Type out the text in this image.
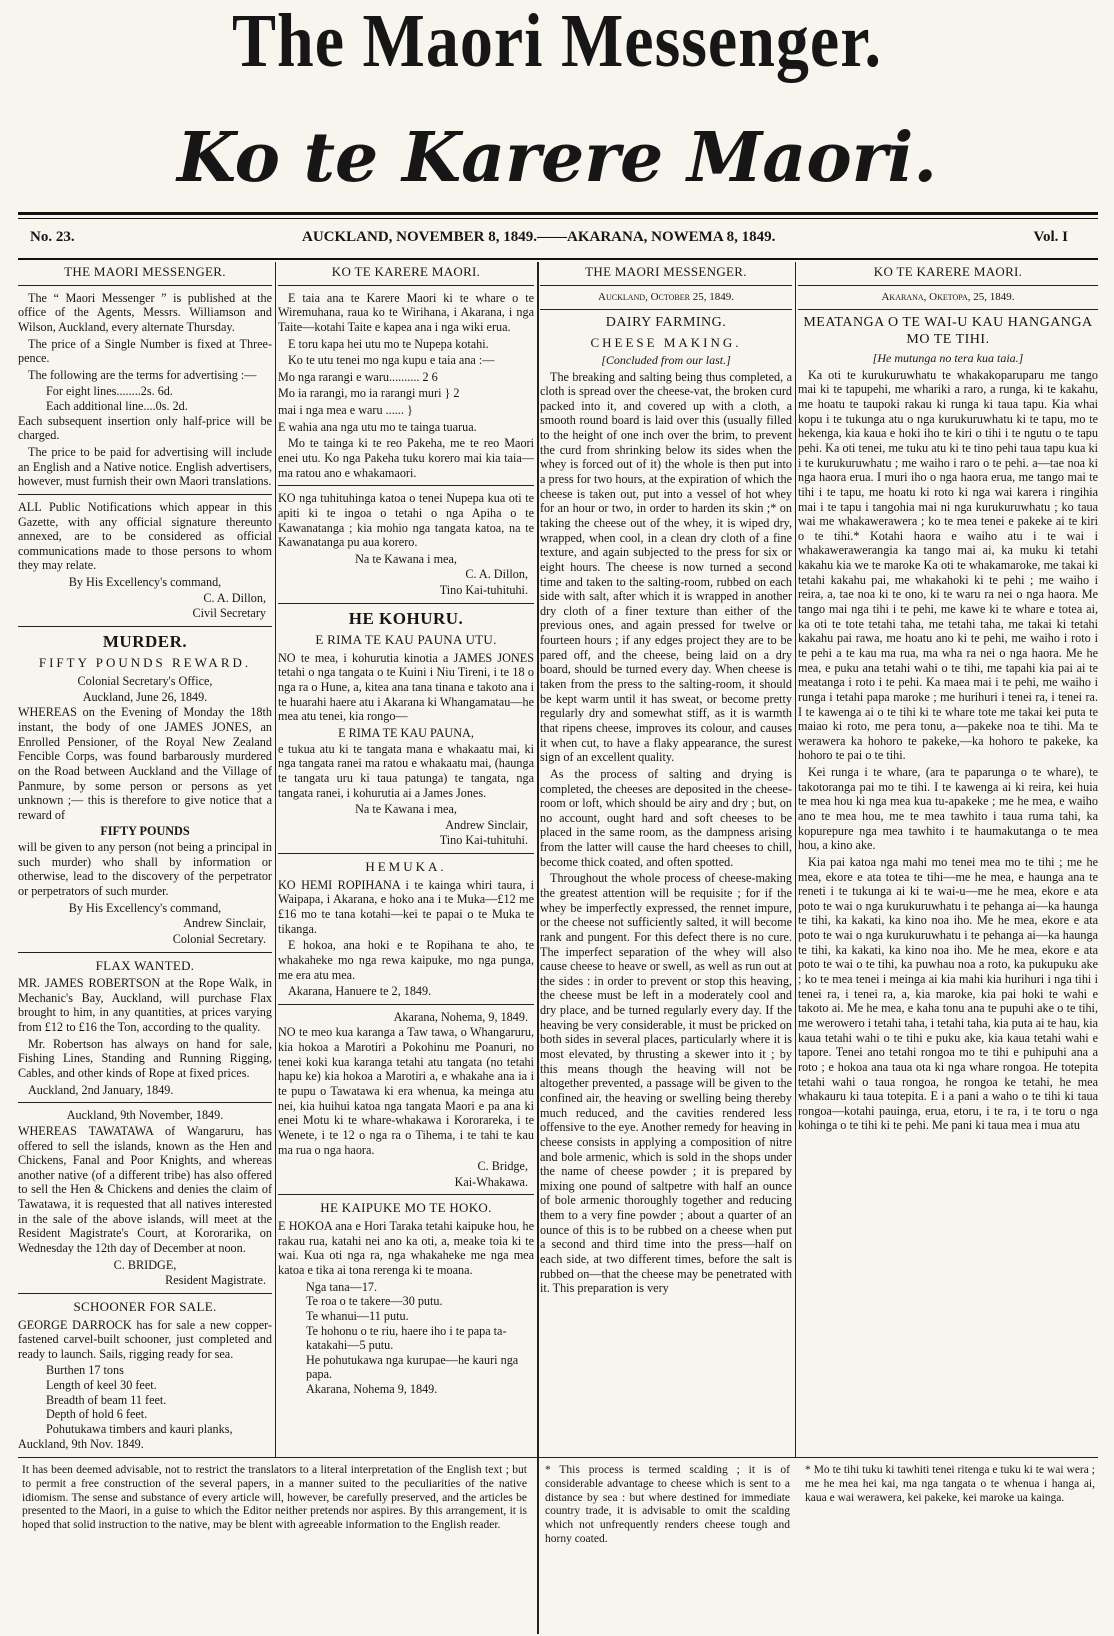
The Maori Messenger.
Ko te Karere Maori.
No. 23.	AUCKLAND, NOVEMBER 8, 1849.——AKARANA, NOWEMA 8, 1849.	Vol. I
THE MAORI MESSENGER.

The “ Maori Messenger ” is published at the office of the Agents, Messrs. Williamson and Wilson, Auckland, every alternate Thursday.

The price of a Single Number is fixed at Three-pence.

The following are the terms for advertising :—

For eight lines........2s. 6d.

Each additional line....0s. 2d.

Each subsequent insertion only half-price will be charged.

The price to be paid for advertising will include an English and a Native notice. English advertisers, however, must furnish their own Maori translations.

ALL Public Notifications which appear in this Gazette, with any official signature thereunto annexed, are to be considered as official communications made to those persons to whom they may relate.

By His Excellency's command,

C. A. Dillon,

Civil Secretary

MURDER.
FIFTY POUNDS REWARD.

Colonial Secretary's Office,

Auckland, June 26, 1849.

WHEREAS on the Evening of Monday the 18th instant, the body of one JAMES JONES, an Enrolled Pensioner, of the Royal New Zealand Fencible Corps, was found barbarously murdered on the Road between Auckland and the Village of Panmure, by some person or persons as yet unknown ;— this is therefore to give notice that a reward of

FIFTY POUNDS

will be given to any person (not being a principal in such murder) who shall by information or otherwise, lead to the discovery of the perpetrator or perpetrators of such murder.

By His Excellency's command,

Andrew Sinclair,

Colonial Secretary.

FLAX WANTED.

MR. JAMES ROBERTSON at the Rope Walk, in Mechanic's Bay, Auckland, will purchase Flax brought to him, in any quantities, at prices varying from £12 to £16 the Ton, according to the quality.

Mr. Robertson has always on hand for sale, Fishing Lines, Standing and Running Rigging, Cables, and other kinds of Rope at fixed prices.

Auckland, 2nd January, 1849.

Auckland, 9th November, 1849.

WHEREAS TAWATAWA of Wangaruru, has offered to sell the islands, known as the Hen and Chickens, Fanal and Poor Knights, and whereas another native (of a different tribe) has also offered to sell the Hen & Chickens and denies the claim of Tawatawa, it is requested that all natives interested in the sale of the above islands, will meet at the Resident Magistrate's Court, at Kororarika, on Wednesday the 12th day of December at noon.

C. BRIDGE,

Resident Magistrate.

SCHOONER FOR SALE.

GEORGE DARROCK has for sale a new copper-fastened carvel-built schooner, just completed and ready to launch. Sails, rigging ready for sea.

Burthen 17 tons

Length of keel 30 feet.

Breadth of beam 11 feet.

Depth of hold 6 feet.

Pohutukawa timbers and kauri planks,

Auckland, 9th Nov. 1849.

KO TE KARERE MAORI.

E taia ana te Karere Maori ki te whare o te Wiremuhana, raua ko te Wirihana, i Akarana, i nga Taite—kotahi Taite e kapea ana i nga wiki erua.

E toru kapa hei utu mo te Nupepa kotahi.

Ko te utu tenei mo nga kupu e taia ana :—

Mo nga rarangi e waru.......... 2 6

Mo ia rarangi, mo ia rarangi muri } 2

mai i nga mea e waru ...... }

E wahia ana nga utu mo te tainga tuarua.

Mo te tainga ki te reo Pakeha, me te reo Maori enei utu. Ko nga Pakeha tuku korero mai kia taia—ma ratou ano e whakamaori.

KO nga tuhituhinga katoa o tenei Nupepa kua oti te apiti ki te ingoa o tetahi o nga Apiha o te Kawanatanga ; kia mohio nga tangata katoa, na te Kawanatanga pu aua korero.

Na te Kawana i mea,

C. A. Dillon,

Tino Kai-tuhituhi.

HE KOHURU.
E RIMA TE KAU PAUNA UTU.

NO te mea, i kohurutia kinotia a JAMES JONES tetahi o nga tangata o te Kuini i Niu Tireni, i te 18 o nga ra o Hune, a, kitea ana tana tinana e takoto ana i te huarahi haere atu i Akarana ki Whangamatau—he mea atu tenei, kia rongo—

E RIMA TE KAU PAUNA,

e tukua atu ki te tangata mana e whakaatu mai, ki nga tangata ranei ma ratou e whakaatu mai, (haunga te tangata uru ki taua patunga) te tangata, nga tangata ranei, i kohurutia ai a James Jones.

Na te Kawana i mea,

Andrew Sinclair,

Tino Kai-tuhituhi.

HEMUKA.

KO HEMI ROPIHANA i te kainga whiri taura, i Waipapa, i Akarana, e hoko ana i te Muka—£12 me £16 mo te tana kotahi—kei te papai o te Muka te tikanga.

E hokoa, ana hoki e te Ropihana te aho, te whakaheke mo nga rewa kaipuke, mo nga punga, me era atu mea.

Akarana, Hanuere te 2, 1849.

Akarana, Nohema, 9, 1849.

NO te meo kua karanga a Taw tawa, o Whangaruru, kia hokoa a Marotiri a Pokohinu me Poanuri, no tenei koki kua karanga tetahi atu tangata (no tetahi hapu ke) kia hokoa a Marotiri a, e whakahe ana ia i te pupu o Tawatawa ki era whenua, ka meinga atu nei, kia huihui katoa nga tangata Maori e pa ana ki enei Motu ki te whare-whakawa i Kororareka, i te Wenete, i te 12 o nga ra o Tihema, i te tahi te kau ma rua o nga haora.

C. Bridge,

Kai-Whakawa.

HE KAIPUKE MO TE HOKO.

E HOKOA ana e Hori Taraka tetahi kaipuke hou, he rakau rua, katahi nei ano ka oti, a, meake toia ki te wai. Kua oti nga ra, nga whakaheke me nga mea katoa e tika ai tona rerenga ki te moana.

Nga tana—17.

Te roa o te takere—30 putu.

Te whanui—11 putu.

Te hohonu o te riu, haere iho i te papa ta-

katakahi—5 putu.

He pohutukawa nga kurupae—he kauri nga papa.

Akarana, Nohema 9, 1849.

THE MAORI MESSENGER.
Auckland, October 25, 1849.
DAIRY FARMING.
CHEESE MAKING.
[Concluded from our last.]

The breaking and salting being thus completed, a cloth is spread over the cheese-vat, the broken curd packed into it, and covered up with a cloth, a smooth round board is laid over this (usually filled to the height of one inch over the brim, to prevent the curd from shrinking below its sides when the whey is forced out of it) the whole is then put into a press for two hours, at the expiration of which the cheese is taken out, put into a vessel of hot whey for an hour or two, in order to harden its skin ;* on taking the cheese out of the whey, it is wiped dry, wrapped, when cool, in a clean dry cloth of a fine texture, and again subjected to the press for six or eight hours. The cheese is now turned a second time and taken to the salting-room, rubbed on each side with salt, after which it is wrapped in another dry cloth of a finer texture than either of the previous ones, and again pressed for twelve or fourteen hours ; if any edges project they are to be pared off, and the cheese, being laid on a dry board, should be turned every day. When cheese is taken from the press to the salting-room, it should be kept warm until it has sweat, or become pretty regularly dry and somewhat stiff, as it is warmth that ripens cheese, improves its colour, and causes it when cut, to have a flaky appearance, the surest sign of an excellent quality.

As the process of salting and drying is completed, the cheeses are deposited in the cheese-room or loft, which should be airy and dry ; but, on no account, ought hard and soft cheeses to be placed in the same room, as the dampness arising from the latter will cause the hard cheeses to chill, become thick coated, and often spotted.

Throughout the whole process of cheese-making the greatest attention will be requisite ; for if the whey be imperfectly expressed, the rennet impure, or the cheese not sufficiently salted, it will become rank and pungent. For this defect there is no cure. The imperfect separation of the whey will also cause cheese to heave or swell, as well as run out at the sides : in order to prevent or stop this heaving, the cheese must be left in a moderately cool and dry place, and be turned regularly every day. If the heaving be very considerable, it must be pricked on both sides in several places, particularly where it is most elevated, by thrusting a skewer into it ; by this means though the heaving will not be altogether prevented, a passage will be given to the confined air, the heaving or swelling being thereby much reduced, and the cavities rendered less offensive to the eye. Another remedy for heaving in cheese consists in applying a composition of nitre and bole armenic, which is sold in the shops under the name of cheese powder ; it is prepared by mixing one pound of saltpetre with half an ounce of bole armenic thoroughly together and reducing them to a very fine powder ; about a quarter of an ounce of this is to be rubbed on a cheese when put a second and third time into the press—half on each side, at two different times, before the salt is rubbed on—that the cheese may be penetrated with it. This preparation is very

KO TE KARERE MAORI.
Akarana, Oketopa, 25, 1849.
MEATANGA O TE WAI-U KAU HANGANGA MO TE TIHI.
[He mutunga no tera kua taia.]

Ka oti te kurukuruwhatu te whakakoparuparu me tango mai ki te tapupehi, me whariki a raro, a runga, ki te kakahu, me hoatu te taupoki rakau ki runga ki taua tapu. Kia whai kopu i te tukunga atu o nga kurukuruwhatu ki te tapu, mo te hekenga, kia kaua e hoki iho te kiri o tihi i te ngutu o te tapu pehi. Ka oti tenei, me tuku atu ki te tino pehi taua tapu kua ki i te kurukuruwhatu ; me waiho i raro o te pehi. a—tae noa ki nga haora erua. I muri iho o nga haora erua, me tango mai te tihi i te tapu, me hoatu ki roto ki nga wai karera i ringihia mai i te tapu i tangohia mai ni nga kurukuruwhatu ; ko taua wai me whakawerawera ; ko te mea tenei e pakeke ai te kiri o te tihi.* Kotahi haora e waiho atu i te wai i whakawerawerangia ka tango mai ai, ka muku ki tetahi kakahu kia we te maroke Ka oti te whakamaroke, me takai ki tetahi kakahu pai, me whakahoki ki te pehi ; me waiho i reira, a, tae noa ki te ono, ki te waru ra nei o nga haora. Me tango mai nga tihi i te pehi, me kawe ki te whare e totea ai, ka oti te tote tetahi taha, me tetahi taha, me takai ki tetahi kakahu pai rawa, me hoatu ano ki te pehi, me waiho i roto i te pehi a te kau ma rua, ma wha ra nei o nga haora. Me he mea, e puku ana tetahi wahi o te tihi, me tapahi kia pai ai te meatanga i roto i te pehi. Ka maea mai i te pehi, me waiho i runga i tetahi papa maroke ; me hurihuri i tenei ra, i tenei ra. I te kawenga ai o te tihi ki te whare tote me takai kei puta te maiao ki roto, me pera tonu, a—pakeke noa te tihi. Ma te werawera ka hohoro te pakeke,—ka hohoro te pakeke, ka hohoro te pai o te tihi.

Kei runga i te whare, (ara te paparunga o te whare), te takotoranga pai mo te tihi. I te kawenga ai ki reira, kei huia te mea hou ki nga mea kua tu-apakeke ; me he mea, e waiho ano te mea hou, me te mea tawhito i taua ruma tahi, ka kopurepure nga mea tawhito i te haumakutanga o te mea hou, a kino ake.

Kia pai katoa nga mahi mo tenei mea mo te tihi ; me he mea, ekore e ata totea te tihi—me he mea, e haunga ana te reneti i te tukunga ai ki te wai-u—me he mea, ekore e ata poto te wai o nga kurukuruwhatu i te pehanga ai—ka haunga te tihi, ka kakati, ka kino noa iho. Me he mea, ekore e ata poto te wai o nga kurukuruwhatu i te pehanga ai—ka haunga te tihi, ka kakati, ka kino noa iho. Me he mea, ekore e ata poto te wai o te tihi, ka puwhau noa a roto, ka pukupuku ake ; ko te mea tenei i meinga ai kia mahi kia hurihuri i nga tihi i tenei ra, i tenei ra, a, kia maroke, kia pai hoki te wahi e takoto ai. Me he mea, e kaha tonu ana te pupuhi ake o te tihi, me werowero i tetahi taha, i tetahi taha, kia puta ai te hau, kia kaua tetahi wahi o te tihi e puku ake, kia kaua tetahi wahi e tapore. Tenei ano tetahi rongoa mo te tihi e puhipuhi ana a roto ; e hokoa ana taua ota ki nga whare rongoa. He totepita tetahi wahi o taua rongoa, he rongoa ke tetahi, he mea whakauru ki taua totepita. E i a pani a waho o te tihi ki taua rongoa—kotahi pauinga, erua, etoru, i te ra, i te toru o nga kohinga o te tihi ki te pehi. Me pani ki taua mea i mua atu

It has been deemed advisable, not to restrict the translators to a literal interpretation of the English text ; but to permit a free construction of the several papers, in a manner suited to the peculiarities of the native idiomism. The sense and substance of every article will, however, be carefully preserved, and the articles be presented to the Maori, in a guise to which the Editor neither pretends nor aspires. By this arrangement, it is hoped that solid instruction to the native, may be blent with agreeable information to the English reader.
* This process is termed scalding ; it is of considerable advantage to cheese which is sent to a distance by sea : but where destined for immediate country trade, it is advisable to omit the scalding which not unfrequently renders cheese tough and horny coated.
* Mo te tihi tuku ki tawhiti tenei ritenga e tuku ki te wai wera ; me he mea hei kai, ma nga tangata o te whenua i hanga ai, kaua e wai werawera, kei pakeke, kei maroke ua kainga.
